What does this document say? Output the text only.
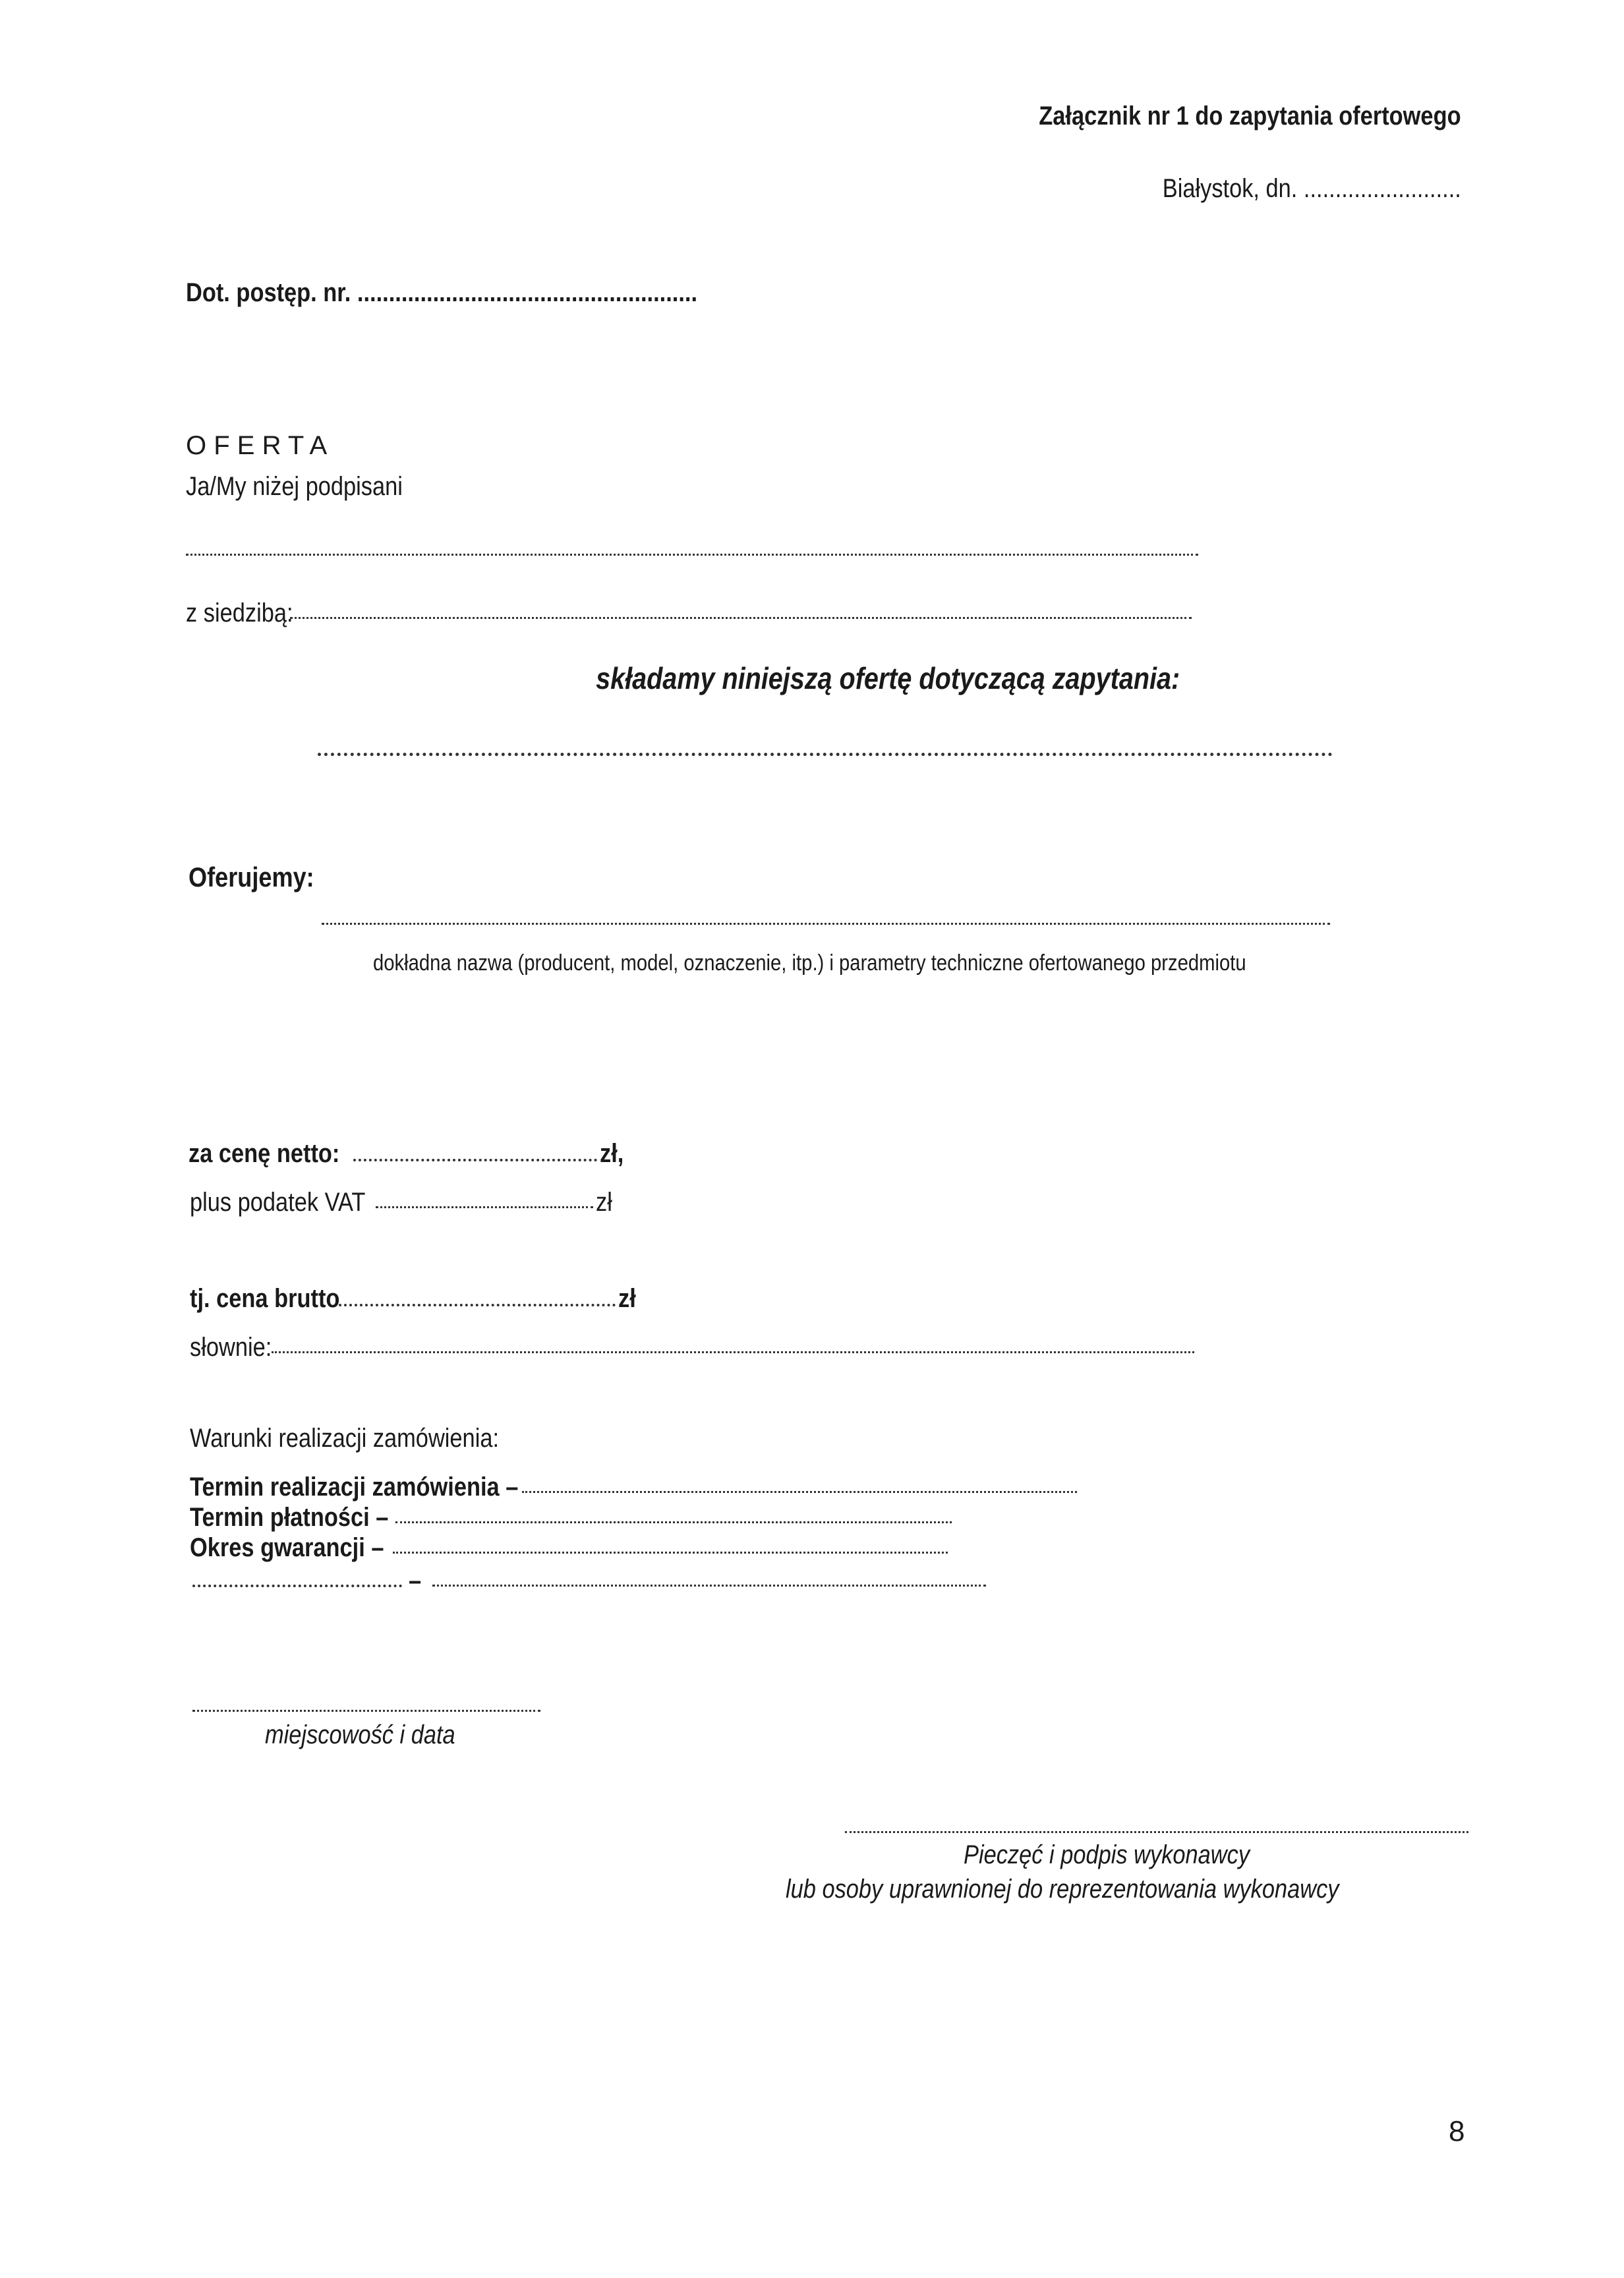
Załącznik nr 1 do zapytania ofertowego
Białystok, dn. .........................
Dot. postęp. nr. ......................................................
O F E R T A
Ja/My niżej podpisani
z siedzibą:
składamy niniejszą ofertę dotyczącą zapytania:
Oferujemy:
dokładna nazwa (producent, model, oznaczenie, itp.) i parametry techniczne ofertowanego przedmiotu
za cenę netto:	zł,
plus podatek VAT	zł
tj. cena brutto	zł
słownie:
Warunki realizacji zamówienia:
Termin realizacji zamówienia –
Termin płatności –
Okres gwarancji –
–
miejscowość i data
Pieczęć i podpis wykonawcy
lub osoby uprawnionej do reprezentowania wykonawcy
8
